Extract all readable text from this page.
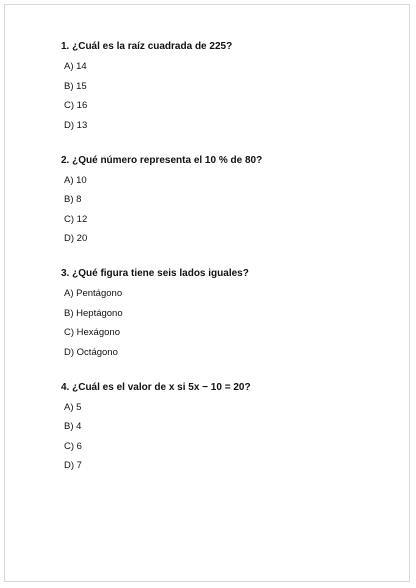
1. ¿Cuál es la raíz cuadrada de 225?
A) 14
B) 15
C) 16
D) 13
2. ¿Qué número representa el 10 % de 80?
A) 10
B) 8
C) 12
D) 20
3. ¿Qué figura tiene seis lados iguales?
A) Pentágono
B) Heptágono
C) Hexágono
D) Octágono
4. ¿Cuál es el valor de x si 5x − 10 = 20?
A) 5
B) 4
C) 6
D) 7
